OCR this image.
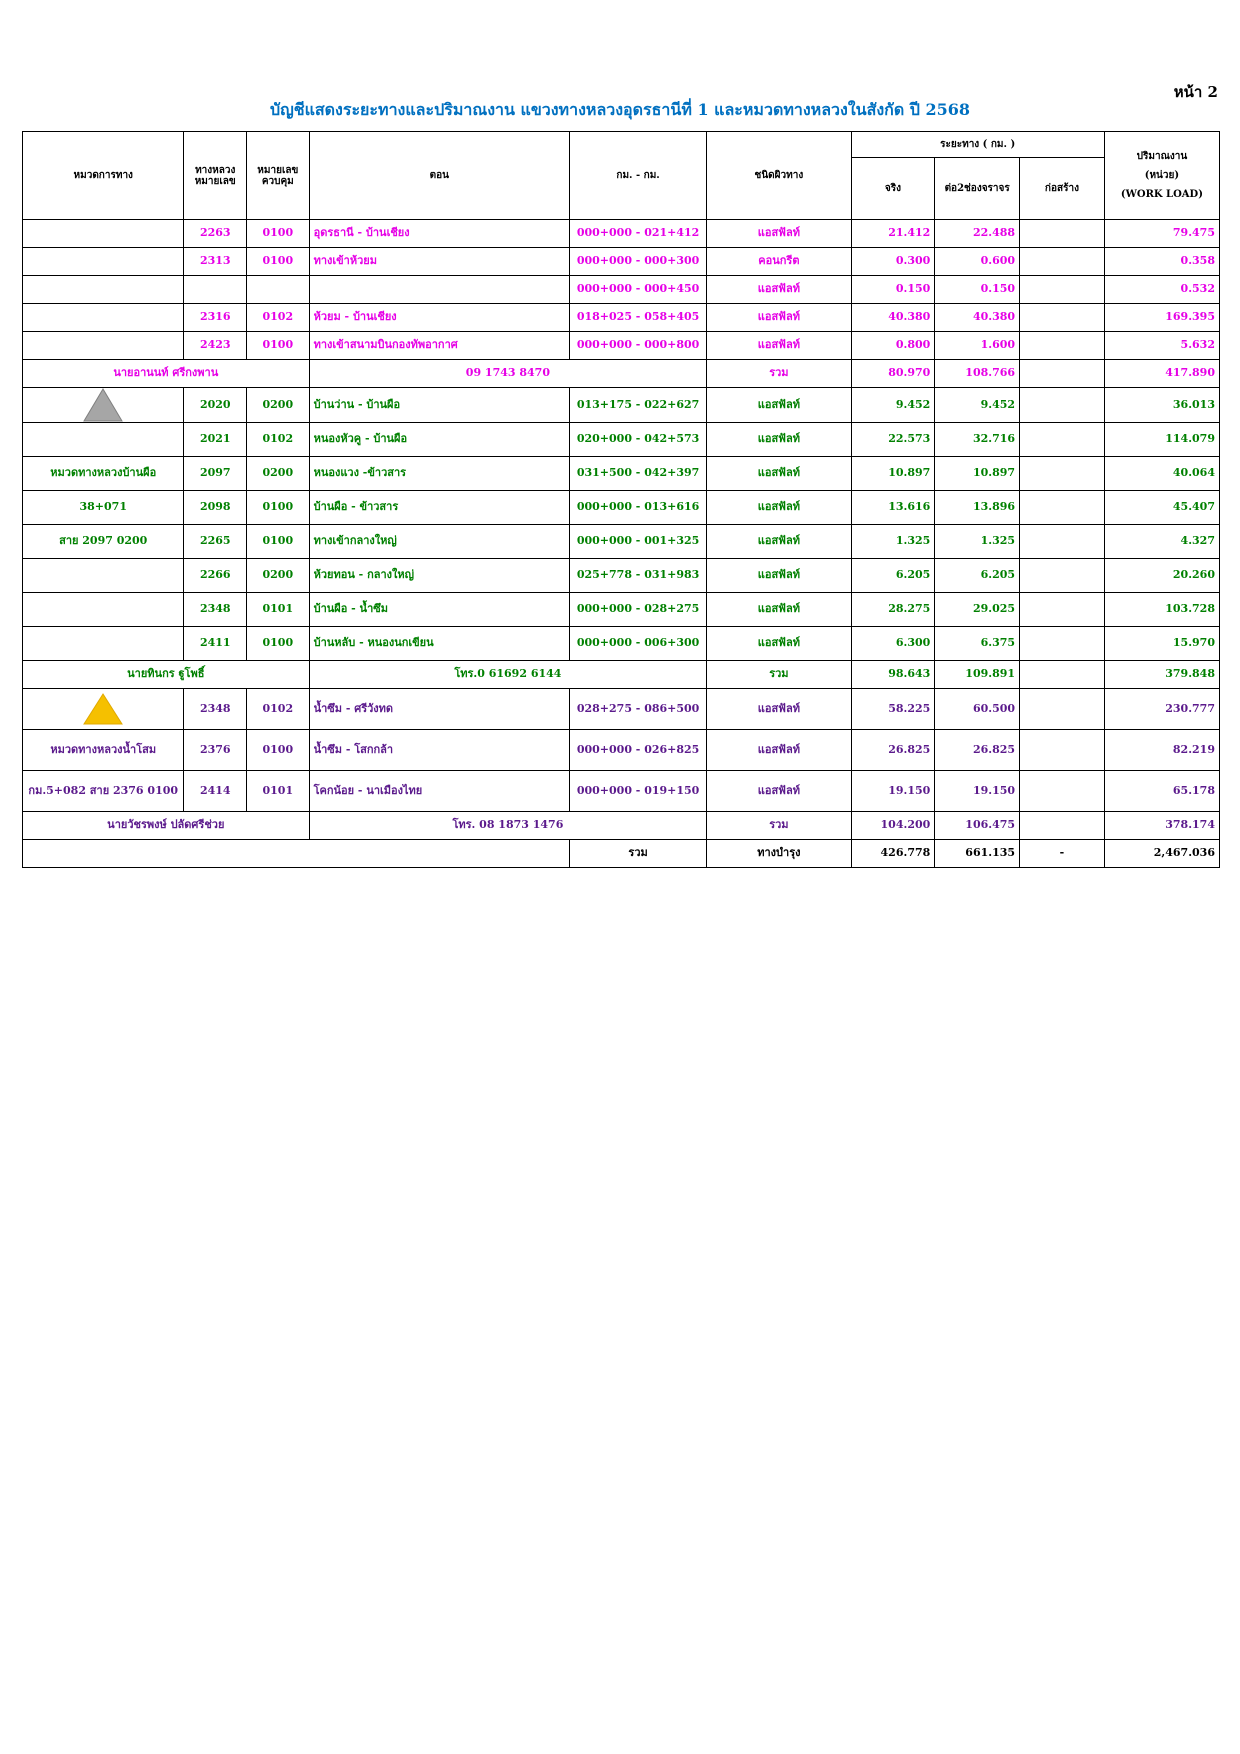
หน้า 2
บัญชีแสดงระยะทางและปริมาณงาน แขวงทางหลวงอุดรธานีที่ 1 และหมวดทางหลวงในสังกัด ปี 2568
หมวดการทาง	ทางหลวงหมายเลข	หมายเลขควบคุม	ตอน	กม. - กม.	ชนิดผิวทาง	ระยะทาง ( กม. )			ปริมาณงาน
(หน่วย)
(WORK LOAD)
						จริง	ต่อ2ช่องจราจร	ก่อสร้าง	
	2263	0100	อุดรธานี - บ้านเชียง	000+000 - 021+412	แอสฟัลท์	21.412	22.488		79.475
	2313	0100	ทางเข้าห้วยม	000+000 - 000+300	คอนกรีต	0.300	0.600		0.358
				000+000 - 000+450	แอสฟัลท์	0.150	0.150		0.532
	2316	0102	ห้วยม - บ้านเชียง	018+025 - 058+405	แอสฟัลท์	40.380	40.380		169.395
	2423	0100	ทางเข้าสนามบินกองทัพอากาศ	000+000 - 000+800	แอสฟัลท์	0.800	1.600		5.632
นายอานนท์ ศรีกงพาน			09 1743 8470		รวม	80.970	108.766		417.890

	2020	0200	บ้านว่าน - บ้านผือ	013+175 - 022+627	แอสฟัลท์	9.452	9.452		36.013
	2021	0102	หนองหัวคู - บ้านผือ	020+000 - 042+573	แอสฟัลท์	22.573	32.716		114.079
หมวดทางหลวงบ้านผือ	2097	0200	หนองแวง -ข้าวสาร	031+500 - 042+397	แอสฟัลท์	10.897	10.897		40.064
38+071	2098	0100	บ้านผือ - ข้าวสาร	000+000 - 013+616	แอสฟัลท์	13.616	13.896		45.407
สาย 2097 0200	2265	0100	ทางเข้ากลางใหญ่	000+000 - 001+325	แอสฟัลท์	1.325	1.325		4.327
	2266	0200	ห้วยทอน - กลางใหญ่	025+778 - 031+983	แอสฟัลท์	6.205	6.205		20.260
	2348	0101	บ้านผือ - น้ำซึม	000+000 - 028+275	แอสฟัลท์	28.275	29.025		103.728
	2411	0100	บ้านหลับ - หนองนกเขียน	000+000 - 006+300	แอสฟัลท์	6.300	6.375		15.970
นายทินกร ฐูโพธิ์			โทร.0 61692 6144		รวม	98.643	109.891		379.848

	2348	0102	น้ำซึม - ศรีวังทด	028+275 - 086+500	แอสฟัลท์	58.225	60.500		230.777
หมวดทางหลวงน้ำโสม	2376	0100	น้ำซึม - โสกกล้า	000+000 - 026+825	แอสฟัลท์	26.825	26.825		82.219
กม.5+082 สาย 2376 0100	2414	0101	โคกน้อย - นาเมืองไทย	000+000 - 019+150	แอสฟัลท์	19.150	19.150		65.178
นายวัชรพงษ์ ปลัดศรีช่วย			โทร. 08 1873 1476		รวม	104.200	106.475		378.174
				รวม	ทางบำรุง	426.778	661.135	-	2,467.036
